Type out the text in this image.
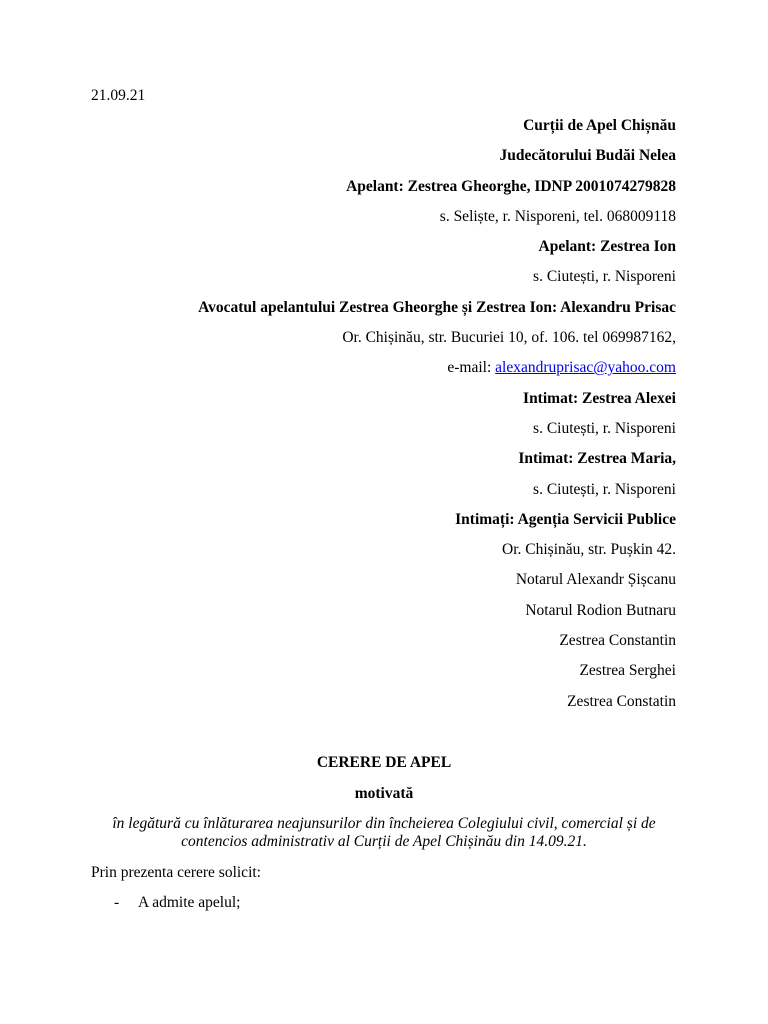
21.09.21
Curții de Apel Chișnău
Judecătorului Budăi Nelea
Apelant: Zestrea Gheorghe, IDNP 2001074279828
s. Seliște, r. Nisporeni, tel. 068009118
Apelant: Zestrea Ion
s. Ciutești, r. Nisporeni
Avocatul apelantului Zestrea Gheorghe și Zestrea Ion: Alexandru Prisac
Or. Chișinău, str. Bucuriei 10, of. 106. tel 069987162,
e-mail: alexandruprisac@yahoo.com
Intimat: Zestrea Alexei
s. Ciutești, r. Nisporeni
Intimat: Zestrea Maria,
s. Ciutești, r. Nisporeni
Intimați: Agenția Servicii Publice
Or. Chișinău, str. Pușkin 42.
Notarul Alexandr Șișcanu
Notarul Rodion Butnaru
Zestrea Constantin
Zestrea Serghei
Zestrea Constatin
CERERE DE APEL
motivată
în legătură cu înlăturarea neajunsurilor din încheierea Colegiului civil, comercial și de contencios administrativ al Curții de Apel Chișinău din 14.09.21.
Prin prezenta cerere solicit:
-	A admite apelul;
